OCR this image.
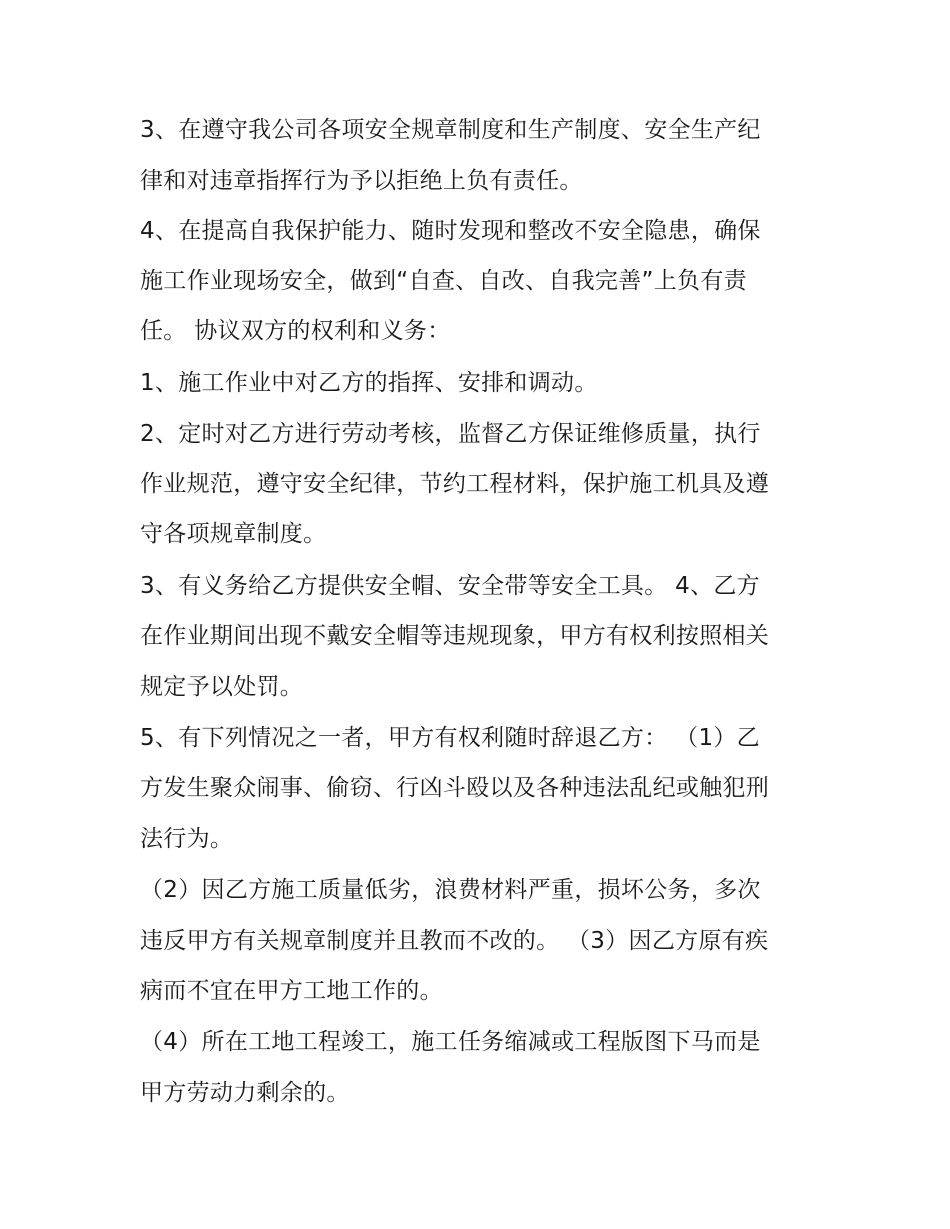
3、在遵守我公司各项安全规章制度和生产制度、安全生产纪
律和对违章指挥行为予以拒绝上负有责任。
4、在提高自我保护能力、随时发现和整改不安全隐患，确保
施工作业现场安全，做到“自查、自改、自我完善”上负有责
任。 协议双方的权利和义务：
1、施工作业中对乙方的指挥、安排和调动。
2、定时对乙方进行劳动考核，监督乙方保证维修质量，执行
作业规范，遵守安全纪律，节约工程材料，保护施工机具及遵
守各项规章制度。
3、有义务给乙方提供安全帽、安全带等安全工具。 4、乙方
在作业期间出现不戴安全帽等违规现象，甲方有权利按照相关
规定予以处罚。
5、有下列情况之一者，甲方有权利随时辞退乙方： （1）乙
方发生聚众闹事、偷窃、行凶斗殴以及各种违法乱纪或触犯刑
法行为。
（2）因乙方施工质量低劣，浪费材料严重，损坏公务，多次
违反甲方有关规章制度并且教而不改的。 （3）因乙方原有疾
病而不宜在甲方工地工作的。
（4）所在工地工程竣工，施工任务缩减或工程版图下马而是
甲方劳动力剩余的。
